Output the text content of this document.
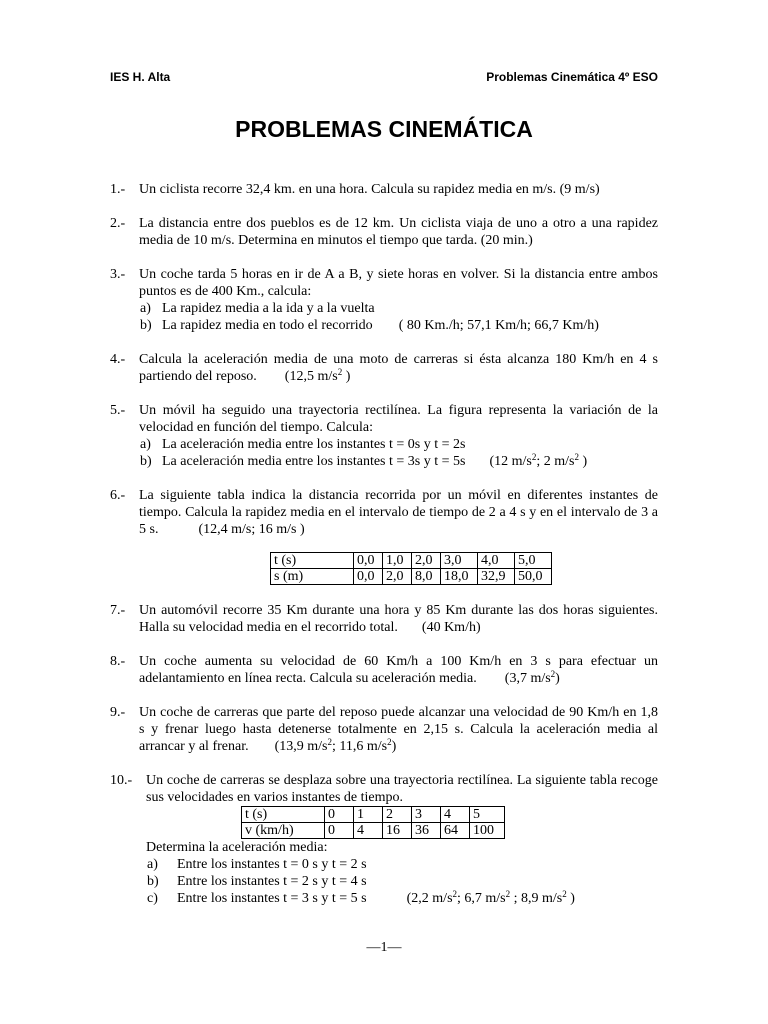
IES H. Alta	Problemas Cinemática 4º ESO
PROBLEMAS CINEMÁTICA
1.- Un ciclista recorre 32,4 km. en una hora. Calcula su rapidez media en m/s. (9 m/s)
2.- La distancia entre dos pueblos es de 12 km. Un ciclista viaja de uno a otro a una rapidez media de 10 m/s. Determina en minutos el tiempo que tarda. (20 min.)
3.- Un coche tarda 5 horas en ir de A a B, y siete horas en volver. Si la distancia entre ambos puntos es de 400 Km., calcula:
a) La rapidez media a la ida y a la vuelta
b) La rapidez media en todo el recorrido ( 80 Km./h; 57,1 Km/h; 66,7 Km/h)
4.- Calcula la aceleración media de una moto de carreras si ésta alcanza 180 Km/h en 4 s partiendo del reposo. (12,5 $m/s^2$ )
5.- Un móvil ha seguido una trayectoria rectilínea. La figura representa la variación de la velocidad en función del tiempo. Calcula:
a) La aceleración media entre los instantes t = 0s y t = 2s
b) La aceleración media entre los instantes t = 3s y t = 5s (12 $m/s^2$; 2 $m/s^2$ )
6.- La siguiente tabla indica la distancia recorrida por un móvil en diferentes instantes de tiempo. Calcula la rapidez media en el intervalo de tiempo de 2 a 4 s y en el intervalo de 3 a 5 s.	(12,4 m/s; 16 m/s )
t (s)	0,0	1,0	2,0	3,0	4,0	5,0
s (m)	0,0	2,0	8,0	18,0	32,9	50,0
7.- Un automóvil recorre 35 Km durante una hora y 85 Km durante las dos horas siguientes. Halla su velocidad media en el recorrido total. (40 Km/h)
8.- Un coche aumenta su velocidad de 60 Km/h a 100 Km/h en 3 s para efectuar un adelantamiento en línea recta. Calcula su aceleración media. (3,7 $m/s^2$)
9.- Un coche de carreras que parte del reposo puede alcanzar una velocidad de 90 Km/h en 1,8 s y frenar luego hasta detenerse totalmente en 2,15 s. Calcula la aceleración media al arrancar y al frenar. (13,9 $m/s^2$; 11,6 $m/s^2$)
10.- Un coche de carreras se desplaza sobre una trayectoria rectilínea. La siguiente tabla recoge sus velocidades en varios instantes de tiempo.
t (s)	0	1	2	3	4	5
v (km/h)	0	4	16	36	64	100
Determina la aceleración media:
a) Entre los instantes t = 0 s y t = 2 s
b) Entre los instantes t = 2 s y t = 4 s
c) Entre los instantes t = 3 s y t = 5 s	(2,2 $m/s^2$; 6,7 $m/s^2$ ; 8,9 $m/s^2$ )
—1—
